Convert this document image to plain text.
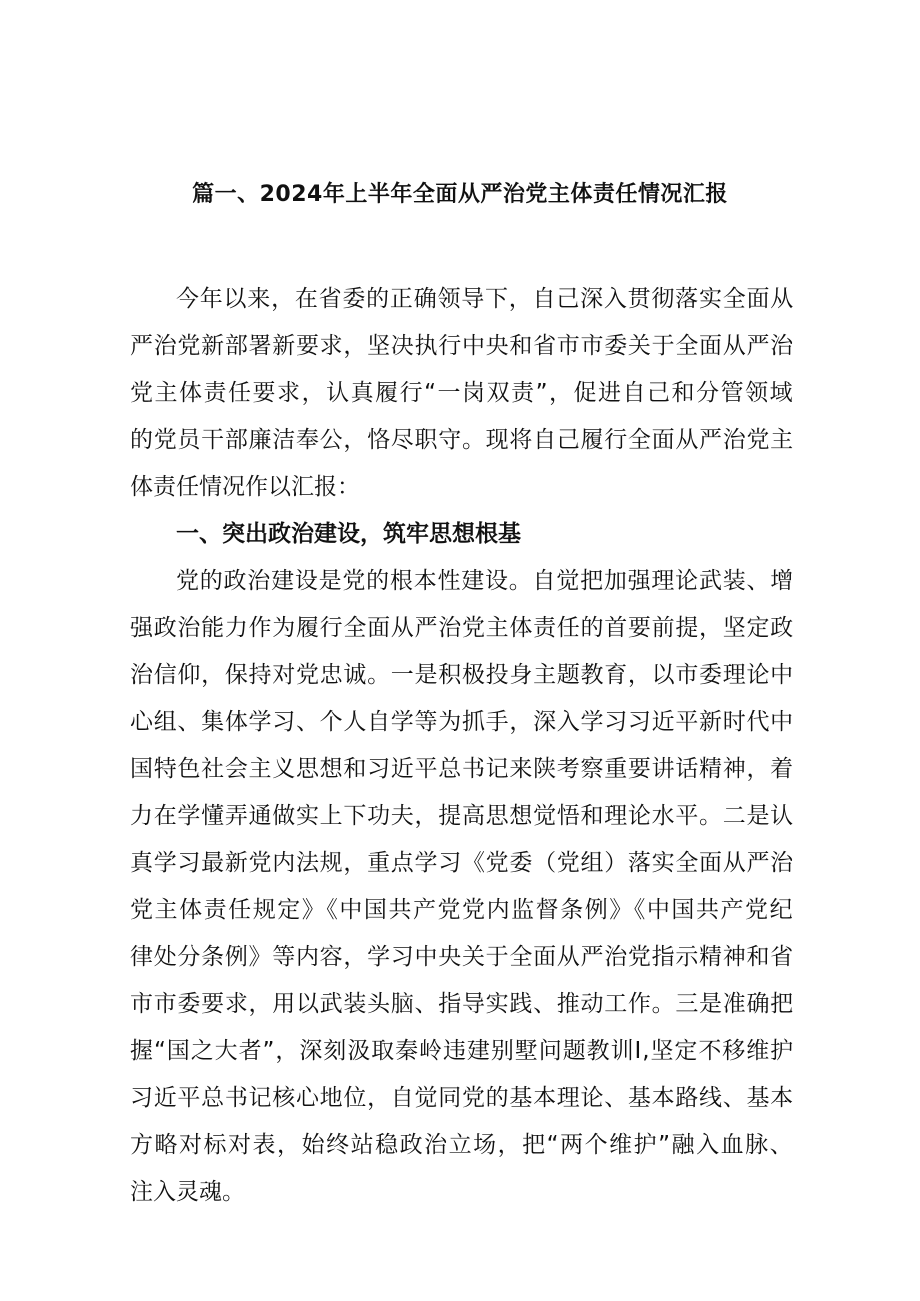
篇一、2024年上半年全面从严治党主体责任情况汇报
今年以来，在省委的正确领导下，自己深入贯彻落实全面从
严治党新部署新要求，坚决执行中央和省市市委关于全面从严治
党主体责任要求，认真履行“一岗双责”，促进自己和分管领域
的党员干部廉洁奉公，恪尽职守。现将自己履行全面从严治党主
体责任情况作以汇报：
一、突出政治建设，筑牢思想根基
党的政治建设是党的根本性建设。自觉把加强理论武装、增
强政治能力作为履行全面从严治党主体责任的首要前提，坚定政
治信仰，保持对党忠诚。一是积极投身主题教育，以市委理论中
心组、集体学习、个人自学等为抓手，深入学习习近平新时代中
国特色社会主义思想和习近平总书记来陕考察重要讲话精神，着
力在学懂弄通做实上下功夫，提高思想觉悟和理论水平。二是认
真学习最新党内法规，重点学习《党委（党组）落实全面从严治
党主体责任规定》《中国共产党党内监督条例》《中国共产党纪
律处分条例》等内容，学习中央关于全面从严治党指示精神和省
市市委要求，用以武装头脑、指导实践、推动工作。三是准确把
握“国之大者”，深刻汲取秦岭违建别墅问题教训I,坚定不移维护
习近平总书记核心地位，自觉同党的基本理论、基本路线、基本
方略对标对表，始终站稳政治立场，把“两个维护”融入血脉、
注入灵魂。
